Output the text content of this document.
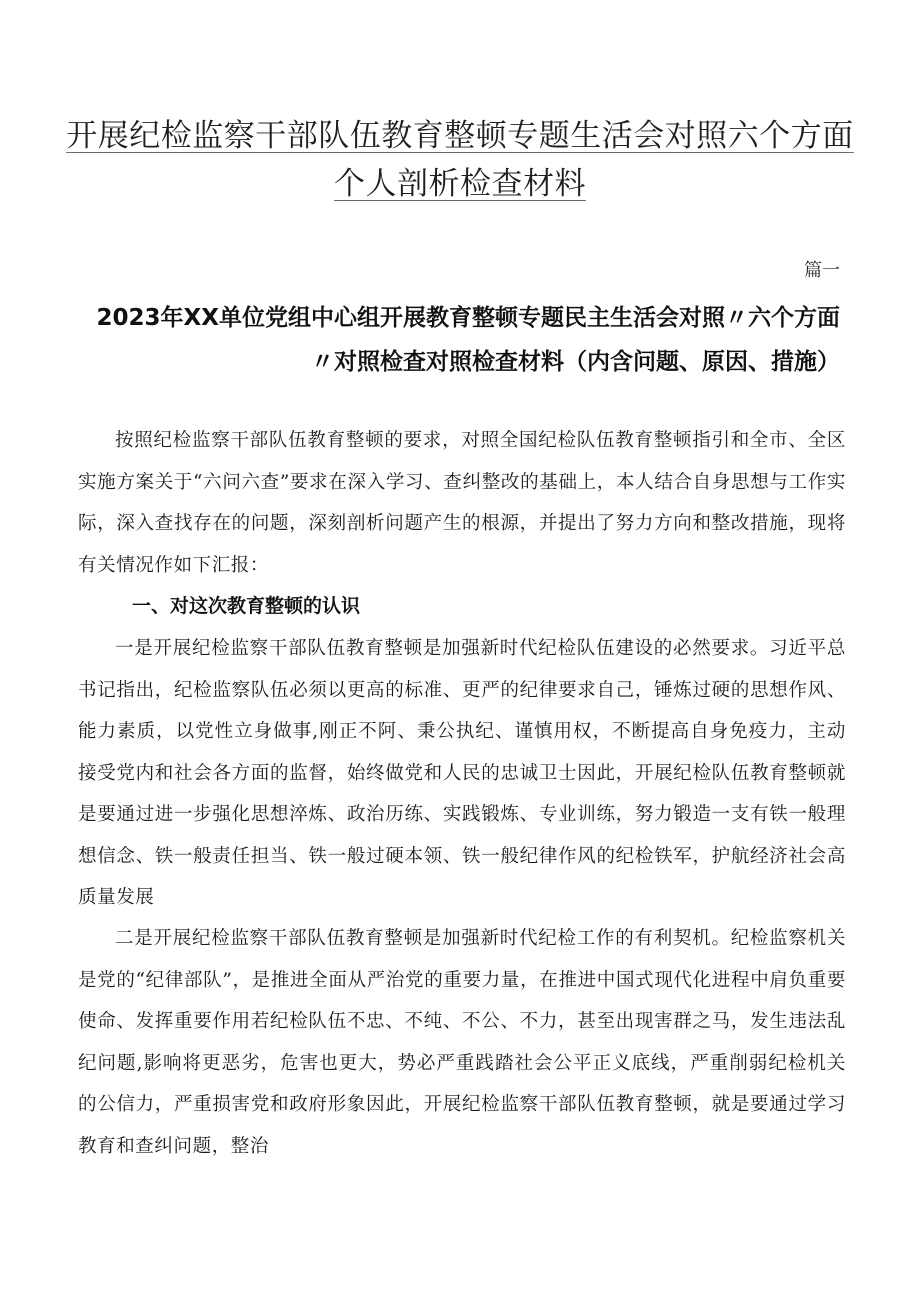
开展纪检监察干部队伍教育整顿专题生活会对照六个方面个人剖析检查材料
篇一
2023年XX单位党组中心组开展教育整顿专题民主生活会对照〃六个方面〃对照检查对照检查材料（内含问题、原因、措施）
按照纪检监察干部队伍教育整顿的要求，对照全国纪检队伍教育整顿指引和全市、全区实施方案关于“六问六查”要求在深入学习、查纠整改的基础上，本人结合自身思想与工作实际，深入查找存在的问题，深刻剖析问题产生的根源，并提出了努力方向和整改措施，现将有关情况作如下汇报：
一、对这次教育整顿的认识
一是开展纪检监察干部队伍教育整顿是加强新时代纪检队伍建设的必然要求。习近平总书记指出，纪检监察队伍必须以更高的标准、更严的纪律要求自己，锤炼过硬的思想作风、能力素质，以党性立身做事,刚正不阿、秉公执纪、谨慎用权，不断提高自身免疫力，主动接受党内和社会各方面的监督，始终做党和人民的忠诚卫士因此，开展纪检队伍教育整顿就是要通过进一步强化思想淬炼、政治历练、实践锻炼、专业训练，努力锻造一支有铁一般理想信念、铁一般责任担当、铁一般过硬本领、铁一般纪律作风的纪检铁军，护航经济社会高质量发展
二是开展纪检监察干部队伍教育整顿是加强新时代纪检工作的有利契机。纪检监察机关是党的“纪律部队”，是推进全面从严治党的重要力量，在推进中国式现代化进程中肩负重要使命、发挥重要作用若纪检队伍不忠、不纯、不公、不力，甚至出现害群之马，发生违法乱纪问题,影响将更恶劣，危害也更大，势必严重践踏社会公平正义底线，严重削弱纪检机关的公信力，严重损害党和政府形象因此，开展纪检监察干部队伍教育整顿，就是要通过学习教育和查纠问题，整治
